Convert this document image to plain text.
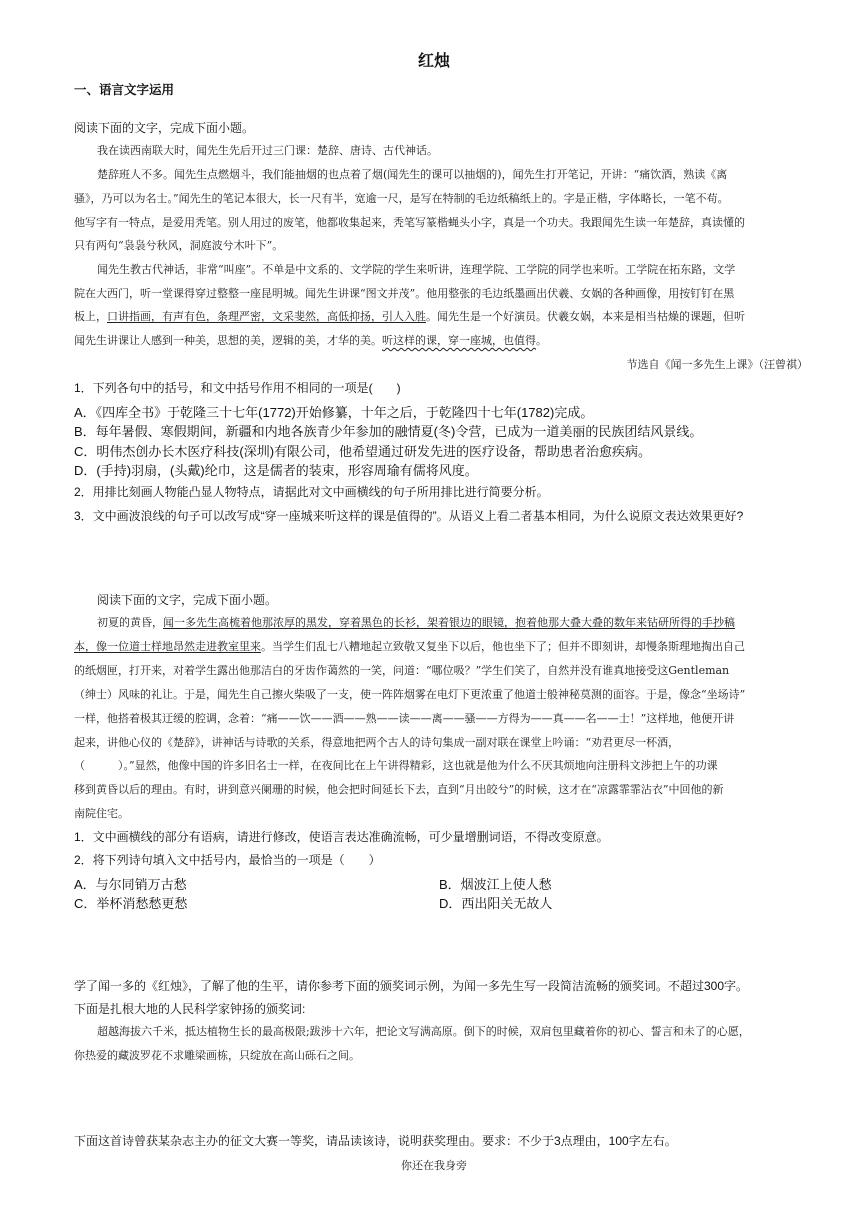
红烛
一、语言文字运用
阅读下面的文字，完成下面小题。
我在读西南联大时，闻先生先后开过三门课：楚辞、唐诗、古代神话。
楚辞班人不多。闻先生点燃烟斗，我们能抽烟的也点着了烟(闻先生的课可以抽烟的)，闻先生打开笔记，开讲：“痛饮酒，熟读《离
骚》，乃可以为名士。”闻先生的笔记本很大，长一尺有半，宽逾一尺，是写在特制的毛边纸稿纸上的。字是正楷，字体略长，一笔不苟。
他写字有一特点，是爱用秃笔。别人用过的废笔，他都收集起来，秃笔写篆楷蝇头小字，真是一个功夫。我跟闻先生读一年楚辞，真读懂的
只有两句“袅袅兮秋风，洞庭波兮木叶下”。
闻先生教古代神话，非常“叫座”。不单是中文系的、文学院的学生来听讲，连理学院、工学院的同学也来听。工学院在拓东路，文学
院在大西门，听一堂课得穿过整整一座昆明城。闻先生讲课“图文并茂”。他用整张的毛边纸墨画出伏羲、女娲的各种画像，用按钉钉在黑
板上，口讲指画，有声有色，条理严密，文采斐然，高低抑扬，引人入胜。闻先生是一个好演员。伏羲女娲，本来是相当枯燥的课题，但听
闻先生讲课让人感到一种美，思想的美，逻辑的美，才华的美。听这样的课，穿一座城，也值得。
节选自《闻一多先生上课》（汪曾祺）
1．下列各句中的括号，和文中括号作用不相同的一项是(　　)
A．《四库全书》于乾隆三十七年(1772)开始修纂，十年之后，于乾隆四十七年(1782)完成。
B．每年暑假、寒假期间，新疆和内地各族青少年参加的融情夏(冬)令营，已成为一道美丽的民族团结风景线。
C．明伟杰创办长木医疗科技(深圳)有限公司，他希望通过研发先进的医疗设备，帮助患者治愈疾病。
D．(手持)羽扇，(头戴)纶巾，这是儒者的装束，形容周瑜有儒将风度。
2．用排比刻画人物能凸显人物特点，请据此对文中画横线的句子所用排比进行简要分析。
3．文中画波浪线的句子可以改写成“穿一座城来听这样的课是值得的”。从语义上看二者基本相同，为什么说原文表达效果更好?
阅读下面的文字，完成下面小题。
初夏的黄昏，闻一多先生高梳着他那浓厚的黑发，穿着黑色的长衫，架着银边的眼镜，抱着他那大叠大叠的数年来钻研所得的手抄稿
本，像一位道士样地昂然走进教室里来。当学生们乱七八糟地起立致敬又复坐下以后，他也坐下了；但并不即刻讲，却慢条斯理地掏出自己
的纸烟匣，打开来，对着学生露出他那洁白的牙齿作蔼然的一笑，问道：“哪位吸？”学生们笑了，自然并没有谁真地接受这Gentleman
（绅士）风味的礼让。于是，闻先生自己擦火柴吸了一支，使一阵阵烟雾在电灯下更浓重了他道士般神秘莫测的面容。于是，像念“坐场诗”
一样，他搭着极其迂缓的腔调，念着：“痛——饮——酒——熟——读——离——骚——方得为——真——名——士！”这样地，他便开讲
起来，讲他心仪的《楚辞》，讲神话与诗歌的关系，得意地把两个古人的诗句集成一副对联在课堂上吟诵：“劝君更尽一杯酒，
（　　　）。”显然，他像中国的许多旧名士一样，在夜间比在上午讲得精彩，这也就是他为什么不厌其烦地向注册科文涉把上午的功课
移到黄昏以后的理由。有时，讲到意兴阑珊的时候，他会把时间延长下去，直到“月出皎兮”的时候，这才在“凉露霏霏沾衣”中回他的新
南院住宅。
1．文中画横线的部分有语病，请进行修改，使语言表达准确流畅，可少量增删词语，不得改变原意。
2．将下列诗句填入文中括号内，最恰当的一项是（　　）
A．与尔同销万古愁	B．烟波江上使人愁
C．举杯消愁愁更愁	D．西出阳关无故人
学了闻一多的《红烛》，了解了他的生平，请你参考下面的颁奖词示例，为闻一多先生写一段简洁流畅的颁奖词。不超过300字。
下面是扎根大地的人民科学家钟扬的颁奖词:
超越海拔六千米，抵达植物生长的最高极限;跋涉十六年，把论文写满高原。倒下的时候，双肩包里藏着你的初心、誓言和未了的心愿，
你热爱的藏波罗花不求雕梁画栋，只绽放在高山砾石之间。
下面这首诗曾获某杂志主办的征文大赛一等奖，请品读该诗，说明获奖理由。要求：不少于3点理由，100字左右。
你还在我身旁
